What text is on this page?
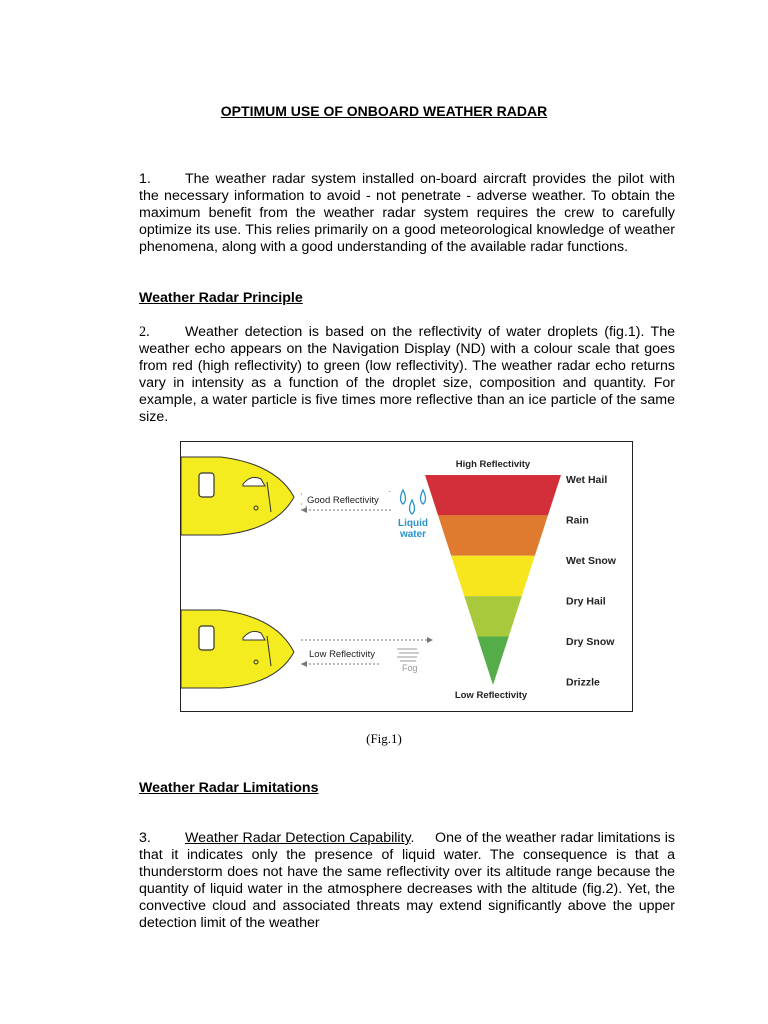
OPTIMUM USE OF ONBOARD WEATHER RADAR
1. The weather radar system installed on-board aircraft provides the pilot with the necessary information to avoid - not penetrate - adverse weather. To obtain the maximum benefit from the weather radar system requires the crew to carefully optimize its use. This relies primarily on a good meteorological knowledge of weather phenomena, along with a good understanding of the available radar functions.
Weather Radar Principle
2. Weather detection is based on the reflectivity of water droplets (fig.1). The weather echo appears on the Navigation Display (ND) with a colour scale that goes from red (high reflectivity) to green (low reflectivity). The weather radar echo returns vary in intensity as a function of the droplet size, composition and quantity. For example, a water particle is five times more reflective than an ice particle of the same size.
Good Reflectivity
Liquid
water
Low Reflectivity
Fog
High Reflectivity
Low Reflectivity
Wet Hail
Rain
Wet Snow
Dry Hail
Dry Snow
Drizzle
(Fig.1)
Weather Radar Limitations
3. Weather Radar Detection Capability.     One of the weather radar limitations is that it indicates only the presence of liquid water. The consequence is that a thunderstorm does not have the same reflectivity over its altitude range because the quantity of liquid water in the atmosphere decreases with the altitude (fig.2). Yet, the convective cloud and associated threats may extend significantly above the upper detection limit of the weather
